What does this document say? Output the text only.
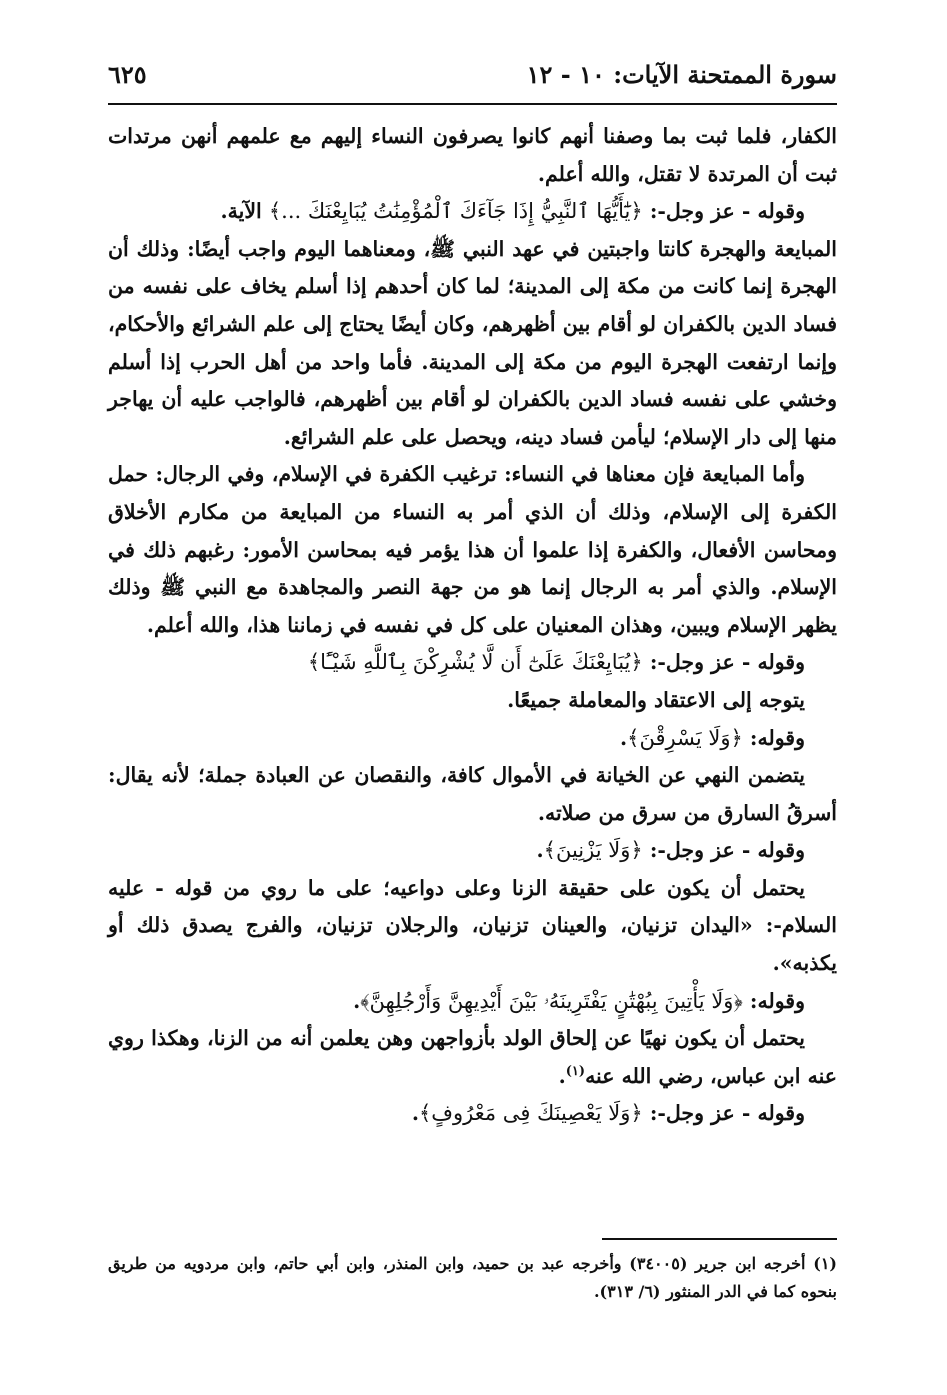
سورة الممتحنة الآيات: ١٠ - ١٢
٦٢٥

الكفار، فلما ثبت بما وصفنا أنهم كانوا يصرفون النساء إليهم مع علمهم أنهن مرتدات ثبت أن المرتدة لا تقتل، والله أعلم.

وقوله - عز وجل-: ﴿يَٰٓأَيُّهَا ٱلنَّبِيُّ إِذَا جَآءَكَ ٱلْمُؤْمِنَٰتُ يُبَايِعْنَكَ ...﴾ الآية.

المبايعة والهجرة كانتا واجبتين في عهد النبي ﷺ، ومعناهما اليوم واجب أيضًا: وذلك أن الهجرة إنما كانت من مكة إلى المدينة؛ لما كان أحدهم إذا أسلم يخاف على نفسه من فساد الدين بالكفران لو أقام بين أظهرهم، وكان أيضًا يحتاج إلى علم الشرائع والأحكام، وإنما ارتفعت الهجرة اليوم من مكة إلى المدينة. فأما واحد من أهل الحرب إذا أسلم وخشي على نفسه فساد الدين بالكفران لو أقام بين أظهرهم، فالواجب عليه أن يهاجر منها إلى دار الإسلام؛ ليأمن فساد دينه، ويحصل على علم الشرائع.

وأما المبايعة فإن معناها في النساء: ترغيب الكفرة في الإسلام، وفي الرجال: حمل الكفرة إلى الإسلام، وذلك أن الذي أمر به النساء من المبايعة من مكارم الأخلاق ومحاسن الأفعال، والكفرة إذا علموا أن هذا يؤمر فيه بمحاسن الأمور: رغبهم ذلك في الإسلام. والذي أمر به الرجال إنما هو من جهة النصر والمجاهدة مع النبي ﷺ وذلك يظهر الإسلام ويبين، وهذان المعنيان على كل في نفسه في زماننا هذا، والله أعلم.

وقوله - عز وجل-: ﴿يُبَايِعْنَكَ عَلَىٰٓ أَن لَّا يُشْرِكْنَ بِٱللَّهِ شَيْـًٔا﴾

يتوجه إلى الاعتقاد والمعاملة جميعًا.

وقوله: ﴿وَلَا يَسْرِقْنَ﴾.

يتضمن النهي عن الخيانة في الأموال كافة، والنقصان عن العبادة جملة؛ لأنه يقال: أسرقُ السارق من سرق من صلاته.

وقوله - عز وجل-: ﴿وَلَا يَزْنِينَ﴾.

يحتمل أن يكون على حقيقة الزنا وعلى دواعيه؛ على ما روي من قوله - عليه السلام-: «اليدان تزنيان، والعينان تزنيان، والرجلان تزنيان، والفرج يصدق ذلك أو يكذبه».

وقوله: ﴿وَلَا يَأْتِينَ بِبُهْتَٰنٍ يَفْتَرِينَهُۥ بَيْنَ أَيْدِيهِنَّ وَأَرْجُلِهِنَّ﴾.

يحتمل أن يكون نهيًا عن إلحاق الولد بأزواجهن وهن يعلمن أنه من الزنا، وهكذا روي عنه ابن عباس، رضي الله عنه$^{(١)}$.

وقوله - عز وجل-: ﴿وَلَا يَعْصِينَكَ فِى مَعْرُوفٍ﴾.

(١) أخرجه ابن جرير (٣٤٠٠٥) وأخرجه عبد بن حميد، وابن المنذر، وابن أبي حاتم، وابن مردويه من طريق بنحوه كما في الدر المنثور (٦/ ٣١٣).
